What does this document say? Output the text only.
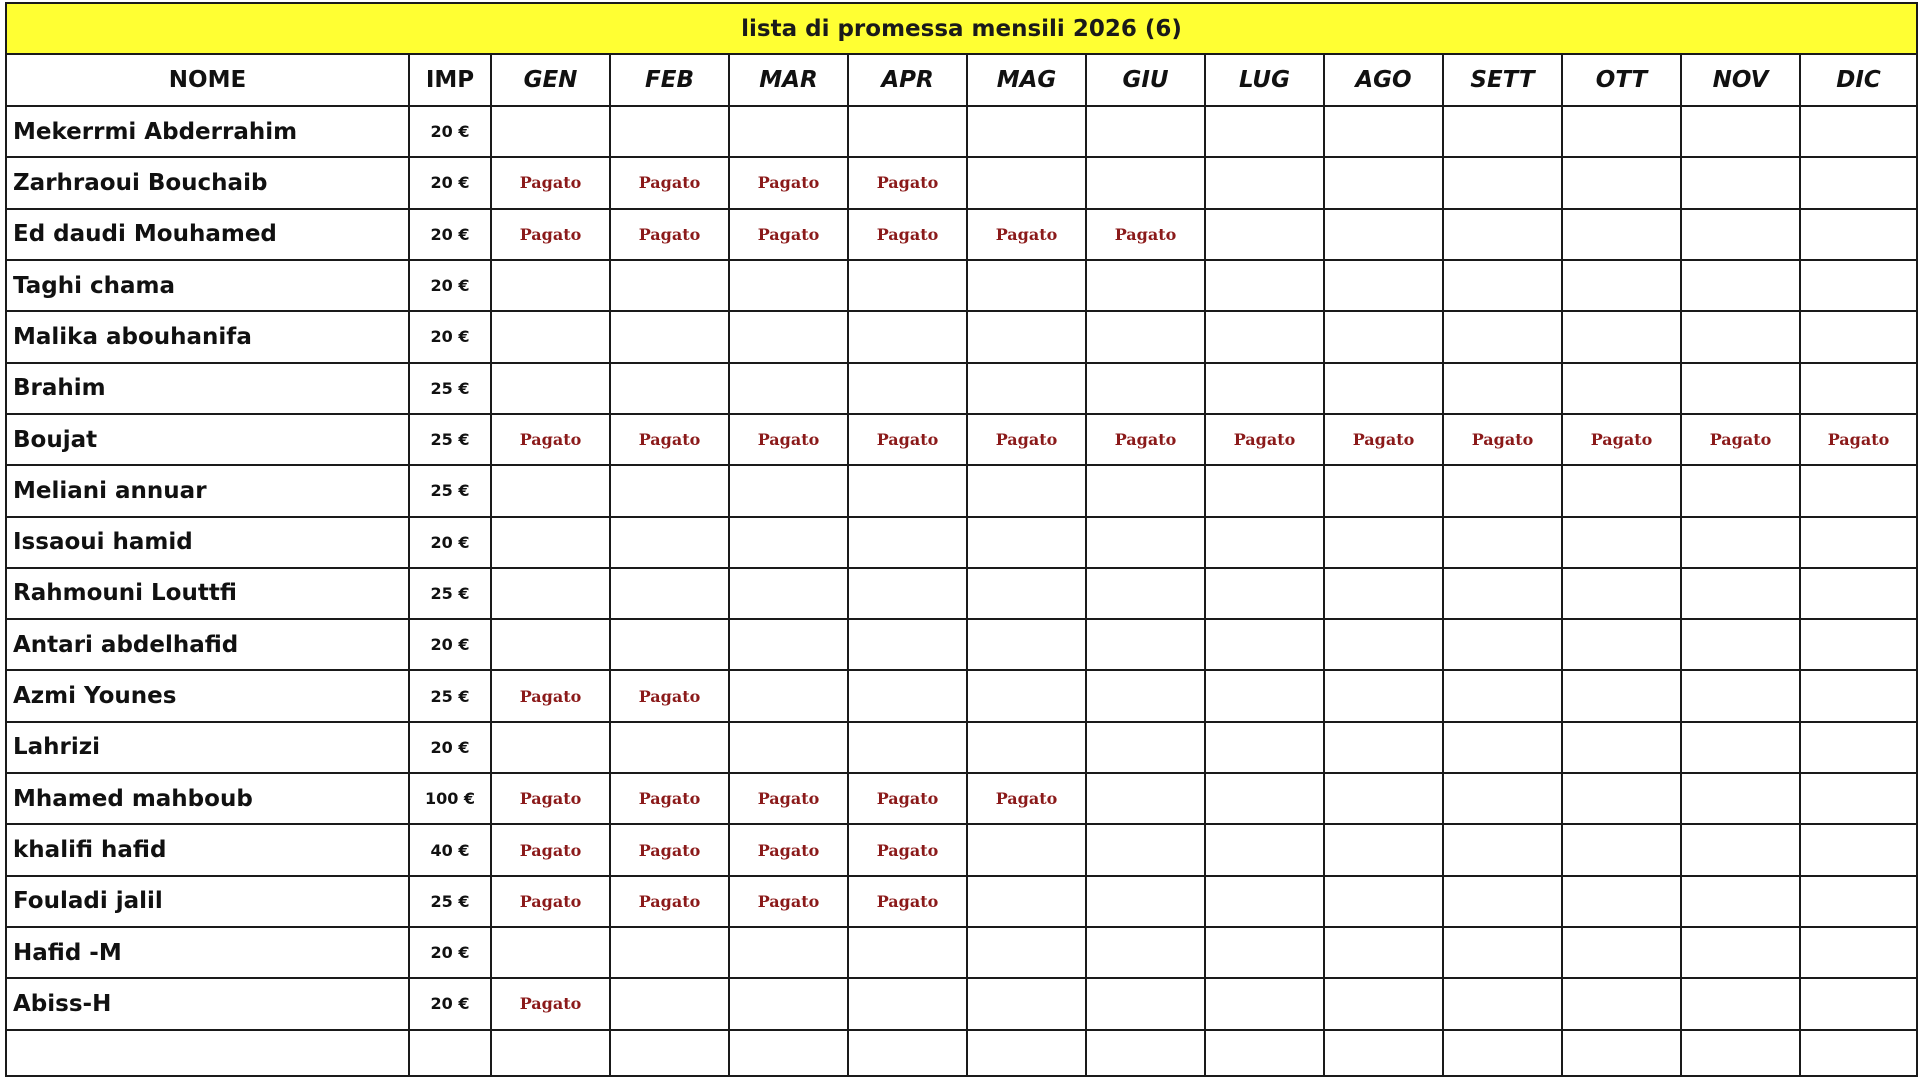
lista di promessa mensili 2026 (6)													
NOME	IMP	GEN	FEB	MAR	APR	MAG	GIU	LUG	AGO	SETT	OTT	NOV	DIC
Mekerrmi Abderrahim	20 €												
Zarhraoui Bouchaib	20 €	Pagato	Pagato	Pagato	Pagato								
Ed daudi Mouhamed	20 €	Pagato	Pagato	Pagato	Pagato	Pagato	Pagato						
Taghi chama	20 €												
Malika abouhanifa	20 €												
Brahim	25 €												
Boujat	25 €	Pagato	Pagato	Pagato	Pagato	Pagato	Pagato	Pagato	Pagato	Pagato	Pagato	Pagato	Pagato
Meliani annuar	25 €												
Issaoui hamid	20 €												
Rahmouni Louttfi	25 €												
Antari abdelhafid	20 €												
Azmi Younes	25 €	Pagato	Pagato										
Lahrizi	20 €												
Mhamed mahboub	100 €	Pagato	Pagato	Pagato	Pagato	Pagato							
khalifi hafid	40 €	Pagato	Pagato	Pagato	Pagato								
Fouladi jalil	25 €	Pagato	Pagato	Pagato	Pagato								
Hafid -M	20 €												
Abiss-H	20 €	Pagato											
